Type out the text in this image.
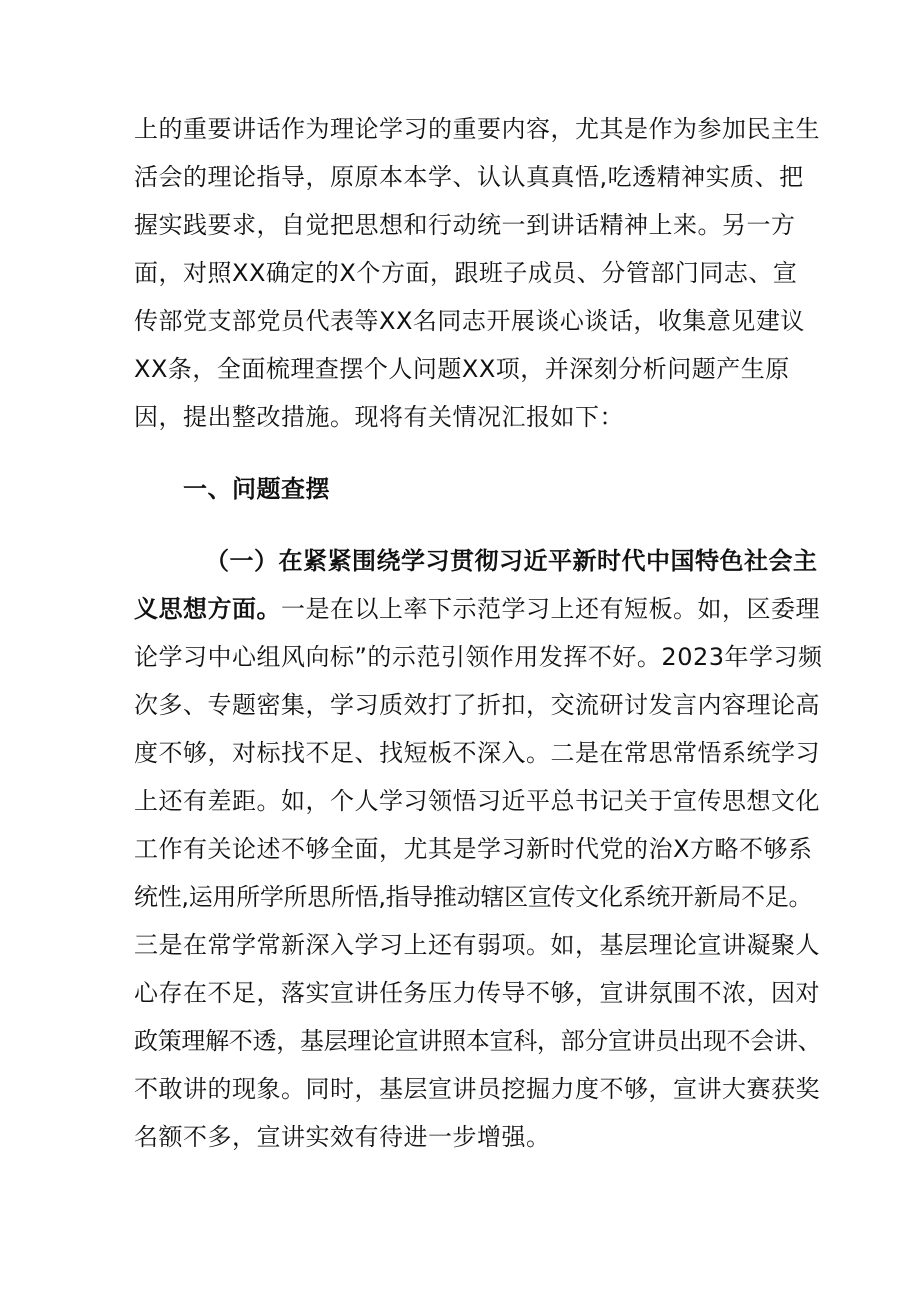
上的重要讲话作为理论学习的重要内容，尤其是作为参加民主生
活会的理论指导，原原本本学、认认真真悟,吃透精神实质、把
握实践要求，自觉把思想和行动统一到讲话精神上来。另一方
面，对照XX确定的X个方面，跟班子成员、分管部门同志、宣
传部党支部党员代表等XX名同志开展谈心谈话，收集意见建议
XX条，全面梳理查摆个人问题XX项，并深刻分析问题产生原
因，提出整改措施。现将有关情况汇报如下：
一、问题查摆
（一）在紧紧围绕学习贯彻习近平新时代中国特色社会主
义思想方面。一是在以上率下示范学习上还有短板。如，区委理
论学习中心组风向标”的示范引领作用发挥不好。2023年学习频
次多、专题密集，学习质效打了折扣，交流研讨发言内容理论高
度不够，对标找不足、找短板不深入。二是在常思常悟系统学习
上还有差距。如，个人学习领悟习近平总书记关于宣传思想文化
工作有关论述不够全面，尤其是学习新时代党的治X方略不够系
统性,运用所学所思所悟,指导推动辖区宣传文化系统开新局不足。
三是在常学常新深入学习上还有弱项。如，基层理论宣讲凝聚人
心存在不足，落实宣讲任务压力传导不够，宣讲氛围不浓，因对
政策理解不透，基层理论宣讲照本宣科，部分宣讲员出现不会讲、
不敢讲的现象。同时，基层宣讲员挖掘力度不够，宣讲大赛获奖
名额不多，宣讲实效有待进一步增强。
